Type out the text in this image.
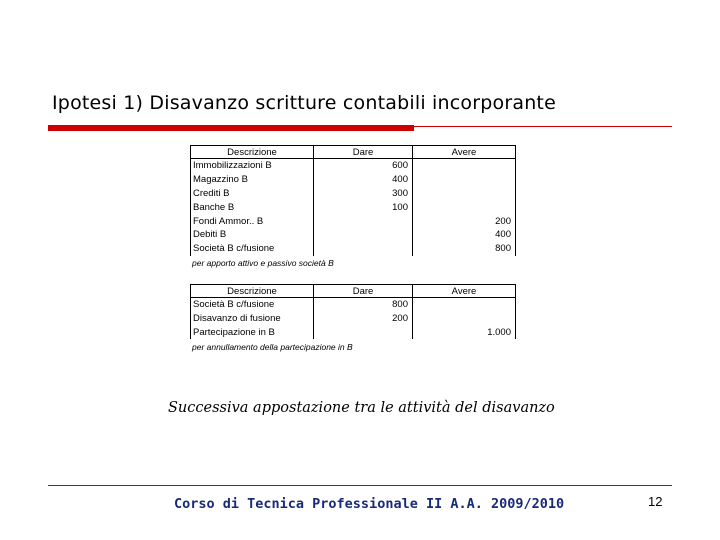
Ipotesi 1) Disavanzo scritture contabili incorporante
Descrizione	Dare	Avere
Immobilizzazioni B	600	
Magazzino B	400	
Crediti B	300	
Banche B	100	
Fondi Ammor.. B		200
Debiti B		400
Società B c/fusione		800
per apporto attivo e passivo società B
Descrizione	Dare	Avere
Società B c/fusione	800	
Disavanzo di fusione	200	
Partecipazione in B		1.000
per annullamento della partecipazione in B
Successiva appostazione tra le attività del disavanzo
Corso di Tecnica Professionale II A.A. 2009/2010	12
